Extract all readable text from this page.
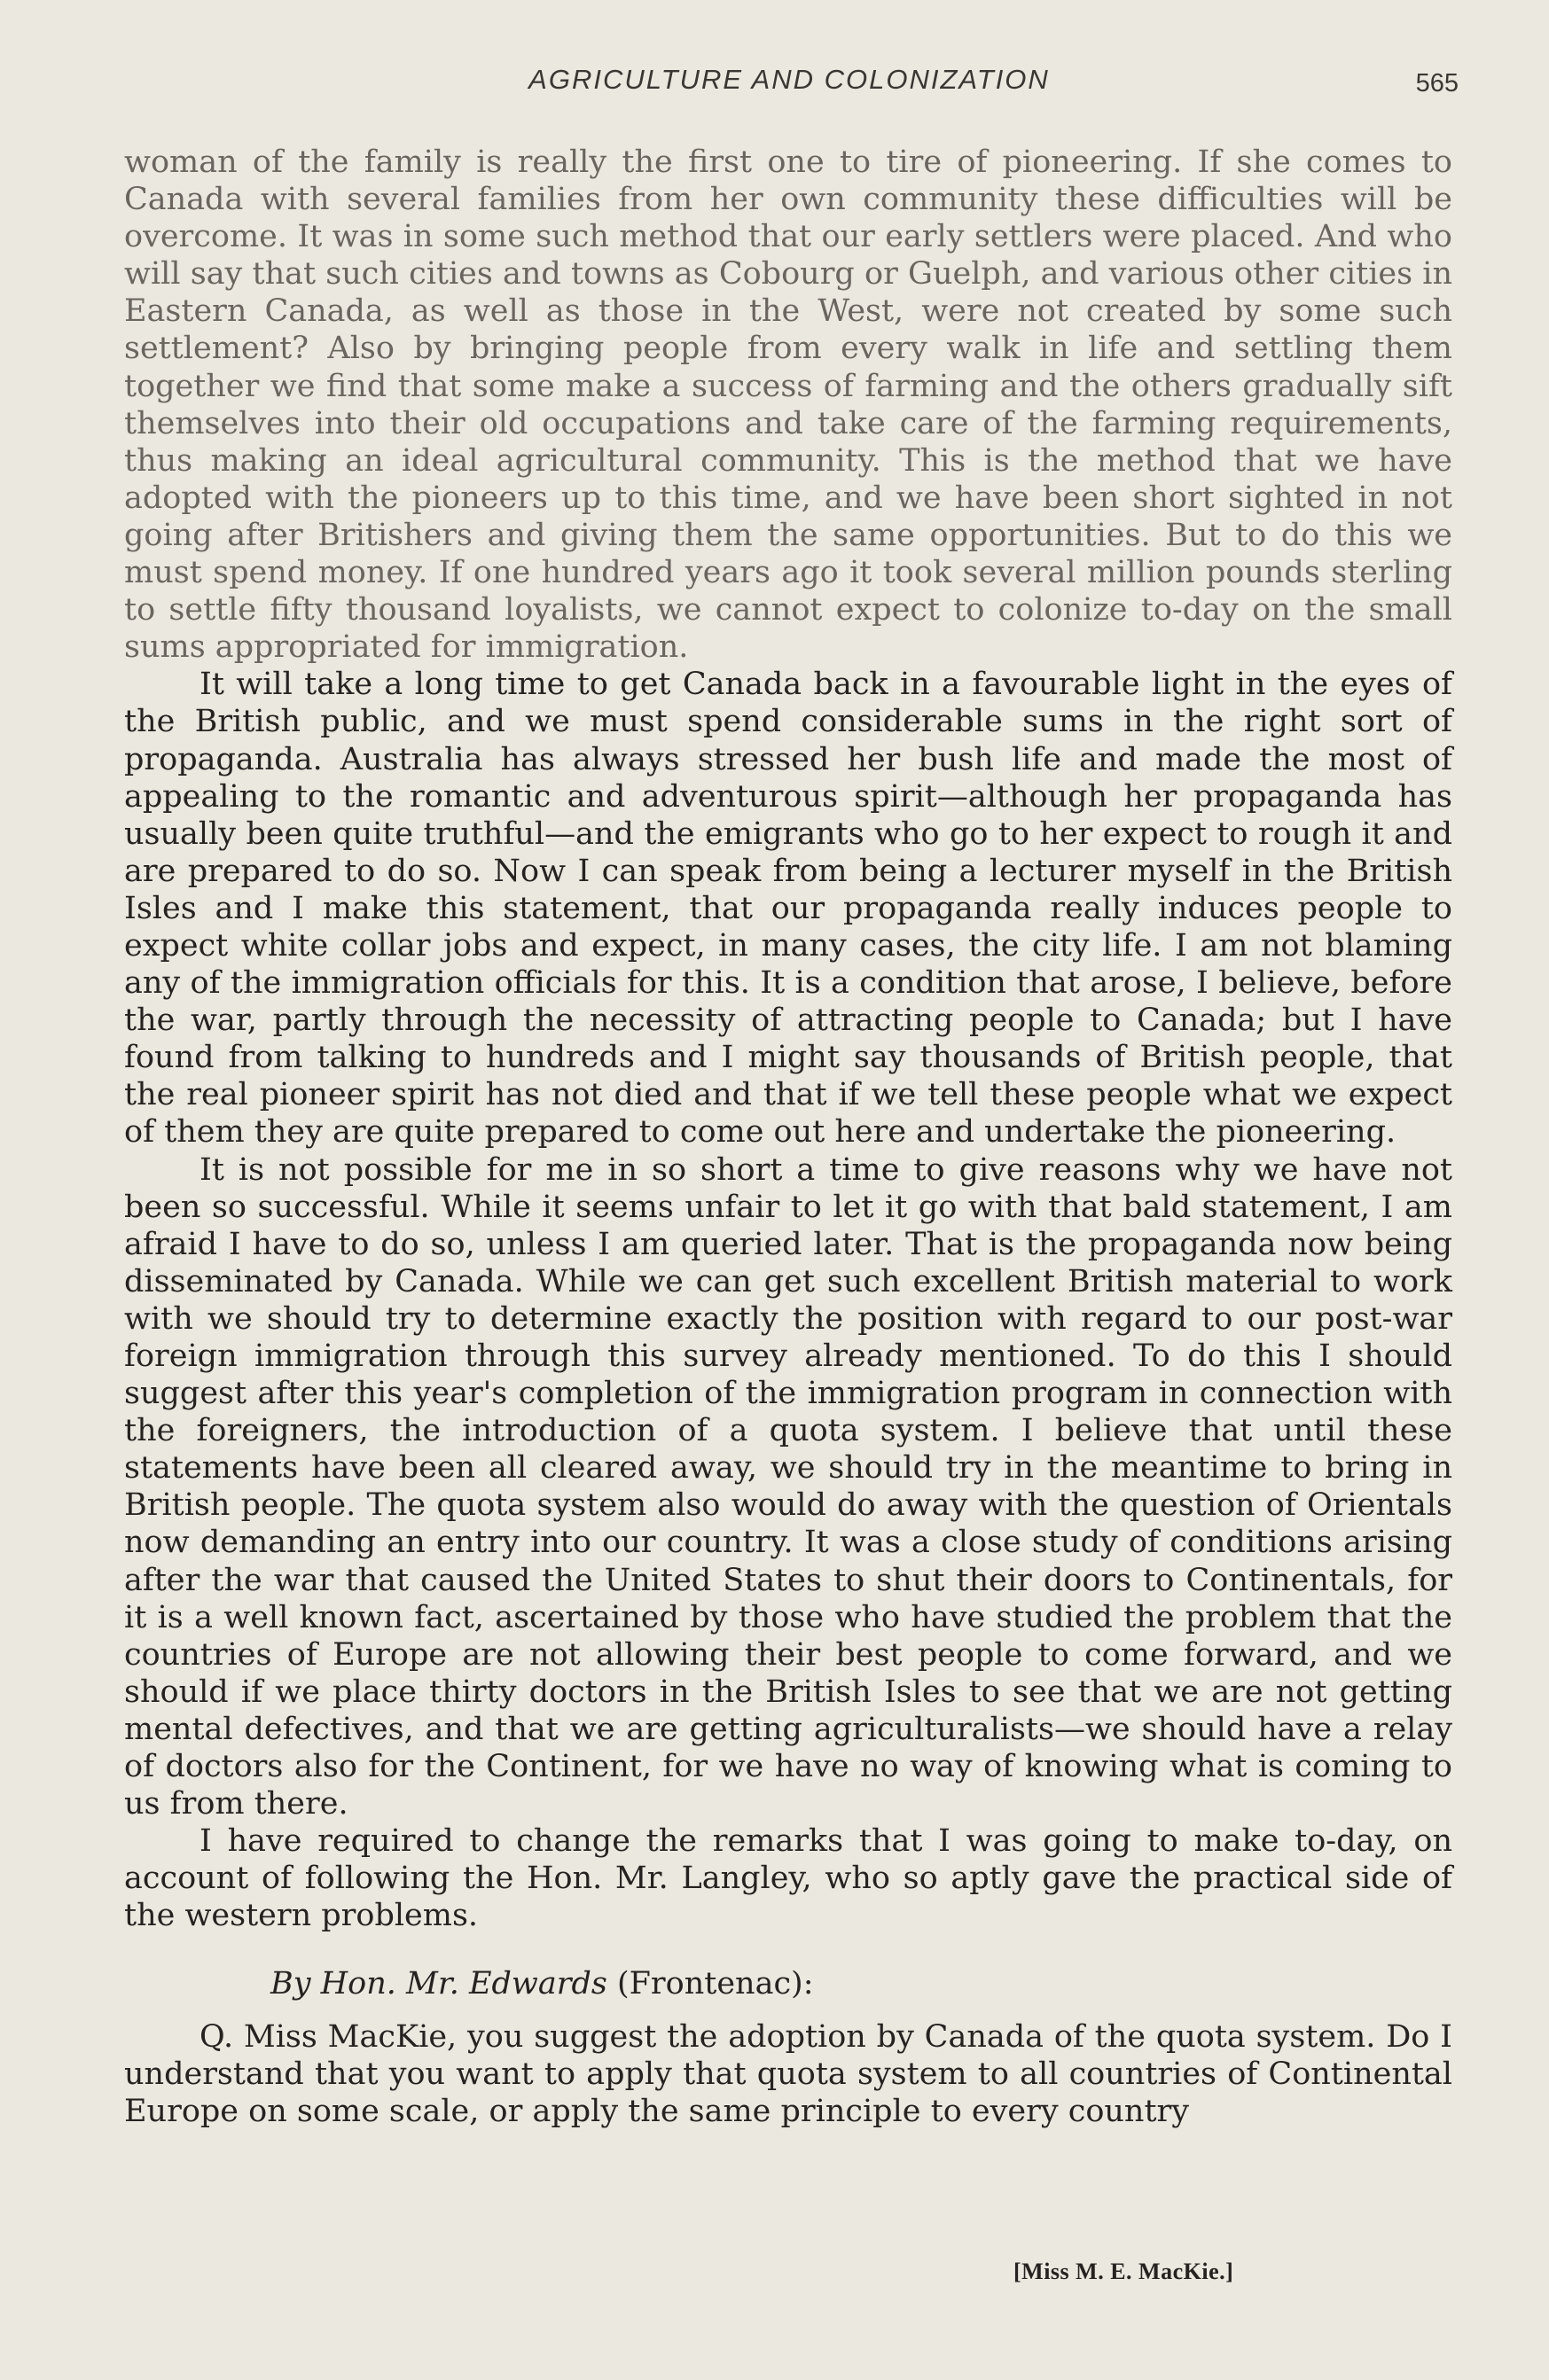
AGRICULTURE AND COLONIZATION	565

woman of the family is really the first one to tire of pioneering. If she comes to Canada with several families from her own community these difficulties will be overcome. It was in some such method that our early settlers were placed. And who will say that such cities and towns as Cobourg or Guelph, and various other cities in Eastern Canada, as well as those in the West, were not created by some such settlement? Also by bringing people from every walk in life and settling them together we find that some make a success of farming and the others gradually sift themselves into their old occupations and take care of the farming requirements, thus making an ideal agricultural community. This is the method that we have adopted with the pioneers up to this time, and we have been short sighted in not going after Britishers and giving them the same opportunities. But to do this we must spend money. If one hundred years ago it took several million pounds sterling to settle fifty thousand loyalists, we cannot expect to colonize to-day on the small sums appropriated for immigration.

It will take a long time to get Canada back in a favourable light in the eyes of the British public, and we must spend considerable sums in the right sort of propaganda. Australia has always stressed her bush life and made the most of appealing to the romantic and adventurous spirit—although her propaganda has usually been quite truthful—and the emigrants who go to her expect to rough it and are prepared to do so. Now I can speak from being a lecturer myself in the British Isles and I make this statement, that our propaganda really induces people to expect white collar jobs and expect, in many cases, the city life. I am not blaming any of the immigration officials for this. It is a condition that arose, I believe, before the war, partly through the necessity of attracting people to Canada; but I have found from talking to hundreds and I might say thousands of British people, that the real pioneer spirit has not died and that if we tell these people what we expect of them they are quite prepared to come out here and undertake the pioneering.

It is not possible for me in so short a time to give reasons why we have not been so successful. While it seems unfair to let it go with that bald statement, I am afraid I have to do so, unless I am queried later. That is the propaganda now being disseminated by Canada. While we can get such excellent British material to work with we should try to determine exactly the position with regard to our post-war foreign immigration through this survey already mentioned. To do this I should suggest after this year's completion of the immigration program in connection with the foreigners, the introduction of a quota system. I believe that until these statements have been all cleared away, we should try in the meantime to bring in British people. The quota system also would do away with the question of Orientals now demanding an entry into our country. It was a close study of conditions arising after the war that caused the United States to shut their doors to Continentals, for it is a well known fact, ascertained by those who have studied the problem that the countries of Europe are not allowing their best people to come forward, and we should if we place thirty doctors in the British Isles to see that we are not getting mental defectives, and that we are getting agriculturalists—we should have a relay of doctors also for the Continent, for we have no way of knowing what is coming to us from there.

I have required to change the remarks that I was going to make to-day, on account of following the Hon. Mr. Langley, who so aptly gave the practical side of the western problems.

By Hon. Mr. Edwards (Frontenac):

Q. Miss MacKie, you suggest the adoption by Canada of the quota system. Do I understand that you want to apply that quota system to all countries of Continental Europe on some scale, or apply the same principle to every country

[Miss M. E. MacKie.]
